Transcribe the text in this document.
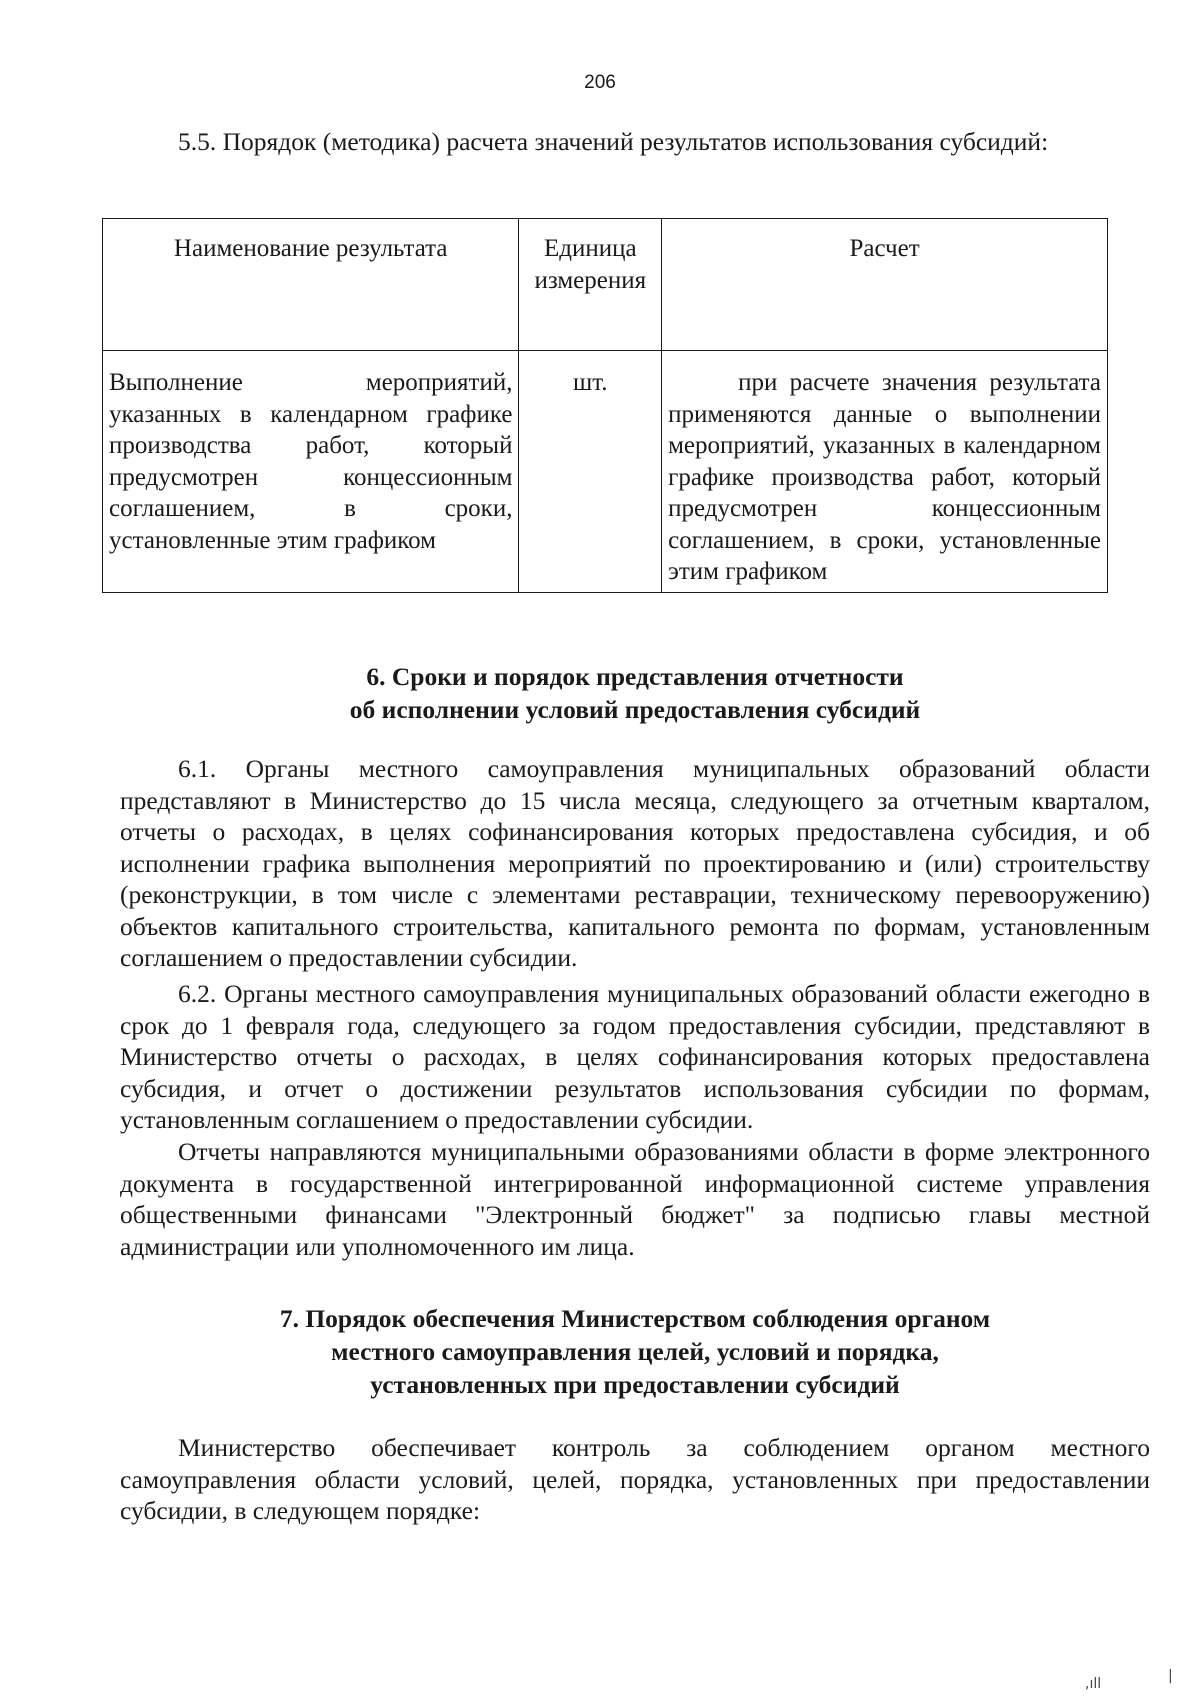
206

5.5. Порядок (методика) расчета значений результатов использования субсидий:

Наименование результата	Единица измерения	Расчет
Выполнение мероприятий, указанных в календарном графике производства работ, который предусмотрен концессионным соглашением, в сроки, установленные этим графиком	шт.	при расчете значения результата применяются данные о выполнении мероприятий, указанных в календарном графике производства работ, который предусмотрен концессионным соглашением, в сроки, установленные этим графиком
6. Сроки и порядок представления отчетности
об исполнении условий предоставления субсидий

6.1. Органы местного самоуправления муниципальных образований области представляют в Министерство до 15 числа месяца, следующего за отчетным кварталом, отчеты о расходах, в целях софинансирования которых предоставлена субсидия, и об исполнении графика выполнения мероприятий по проектированию и (или) строительству (реконструкции, в том числе с элементами реставрации, техническому перевооружению) объектов капитального строительства, капитального ремонта по формам, установленным соглашением о предоставлении субсидии.

6.2. Органы местного самоуправления муниципальных образований области ежегодно в срок до 1 февраля года, следующего за годом предоставления субсидии, представляют в Министерство отчеты о расходах, в целях софинансирования которых предоставлена субсидия, и отчет о достижении результатов использования субсидии по формам, установленным соглашением о предоставлении субсидии.

Отчеты направляются муниципальными образованиями области в форме электронного документа в государственной интегрированной информационной системе управления общественными финансами "Электронный бюджет" за подписью главы местной администрации или уполномоченного им лица.

7. Порядок обеспечения Министерством соблюдения органом
местного самоуправления целей, условий и порядка,
установленных при предоставлении субсидий

Министерство обеспечивает контроль за соблюдением органом местного самоуправления области условий, целей, порядка, установленных при предоставлении субсидии, в следующем порядке:

,ıll	|
